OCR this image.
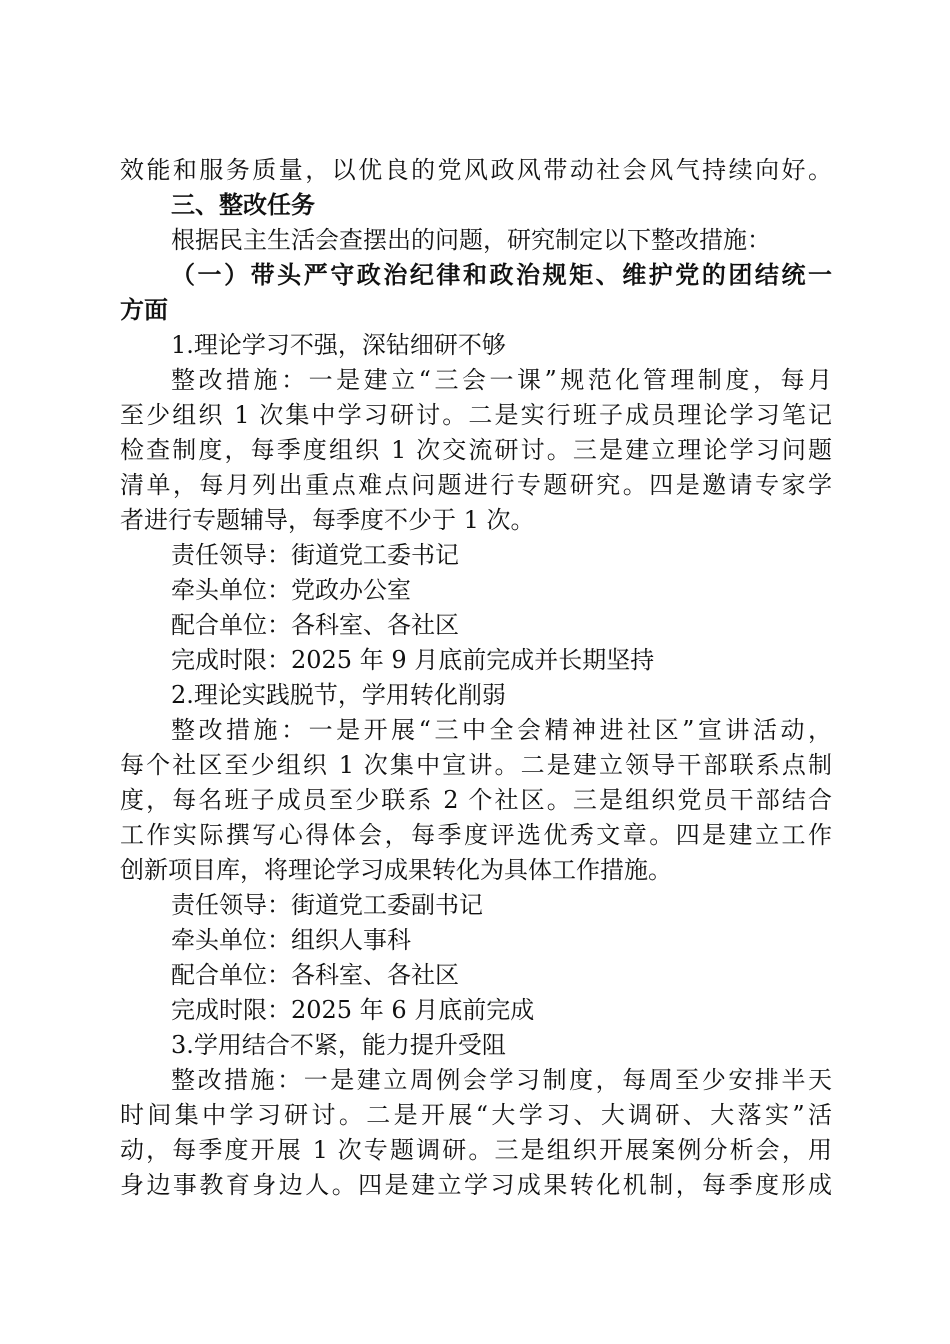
效能和服务质量，以优良的党风政风带动社会风气持续向好。
三、整改任务
根据民主生活会查摆出的问题，研究制定以下整改措施：
（一）带头严守政治纪律和政治规矩、维护党的团结统一
方面
1.理论学习不强，深钻细研不够
整改措施：一是建立“三会一课”规范化管理制度，每月
至少组织 1 次集中学习研讨。二是实行班子成员理论学习笔记
检查制度，每季度组织 1 次交流研讨。三是建立理论学习问题
清单，每月列出重点难点问题进行专题研究。四是邀请专家学
者进行专题辅导，每季度不少于 1 次。
责任领导：街道党工委书记
牵头单位：党政办公室
配合单位：各科室、各社区
完成时限：2025 年 9 月底前完成并长期坚持
2.理论实践脱节，学用转化削弱
整改措施：一是开展“三中全会精神进社区”宣讲活动，
每个社区至少组织 1 次集中宣讲。二是建立领导干部联系点制
度，每名班子成员至少联系 2 个社区。三是组织党员干部结合
工作实际撰写心得体会，每季度评选优秀文章。四是建立工作
创新项目库，将理论学习成果转化为具体工作措施。
责任领导：街道党工委副书记
牵头单位：组织人事科
配合单位：各科室、各社区
完成时限：2025 年 6 月底前完成
3.学用结合不紧，能力提升受阻
整改措施：一是建立周例会学习制度，每周至少安排半天
时间集中学习研讨。二是开展“大学习、大调研、大落实”活
动，每季度开展 1 次专题调研。三是组织开展案例分析会，用
身边事教育身边人。四是建立学习成果转化机制，每季度形成
